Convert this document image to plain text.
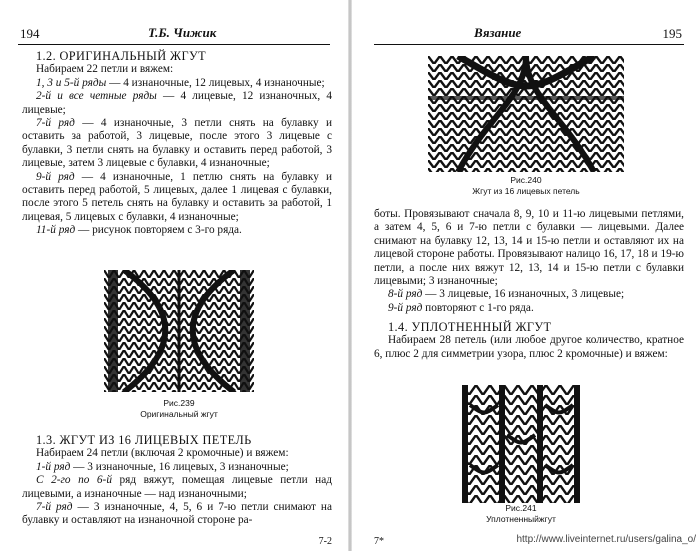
194	Т.Б. Чижик

1.2. ОРИГИНАЛЬНЫЙ ЖГУТ

Набираем 22 петли и вяжем:

1, 3 и 5-й ряды — 4 изнаночные, 12 лицевых, 4 изнаночные;

2-й и все четные ряды — 4 лицевые, 12 изнаночных, 4 лицевые;

7-й ряд — 4 изнаночные, 3 петли снять на булавку и оставить за работой, 3 лицевые, после этого 3 лицевые с булавки, 3 петли снять на булавку и оставить перед работой, 3 лицевые, затем 3 лицевые с булавки, 4 изнаночные;

9-й ряд — 4 изнаночные, 1 петлю снять на булавку и оставить перед работой, 5 лицевых, далее 1 лицевая с булавки, после этого 5 петель снять на булавку и оставить за работой, 1 лицевая, 5 лицевых с булавки, 4 изнаночные;

11-й ряд — рисунок повторяем с 3-го ряда.

Рис.239
Оригинальный жгут

1.3. ЖГУТ ИЗ 16 ЛИЦЕВЫХ ПЕТЕЛЬ

Набираем 24 петли (включая 2 кромочные) и вяжем:

1-й ряд — 3 изнаночные, 16 лицевых, 3 изнаночные;

С 2-го по 6-й ряд вяжут, помещая лицевые петли над лицевыми, а изнаночные — над изнаночными;

7-й ряд — 3 изнаночные, 4, 5, 6 и 7-ю петли снимают на булавку и оставляют на изнаночной стороне ра-

7-2
Вязание	195
Рис.240
Жгут из 16 лицевых петель

боты. Провязывают сначала 8, 9, 10 и 11-ю лицевыми петлями, а затем 4, 5, 6 и 7-ю петли с булавки — лицевыми. Далее снимают на булавку 12, 13, 14 и 15-ю петли и оставляют их на лицевой стороне работы. Провязывают налицо 16, 17, 18 и 19-ю петли, а после них вяжут 12, 13, 14 и 15-ю петли с булавки лицевыми; 3 изнаночные;

8-й ряд — 3 лицевые, 16 изнаночных, 3 лицевые;

9-й ряд повторяют с 1-го ряда.

1.4. УПЛОТНЕННЫЙ ЖГУТ

Набираем 28 петель (или любое другое количество, кратное 6, плюс 2 для симметрии узора, плюс 2 кромочные) и вяжем:

Рис.241
Уплотненныйжгут
7*	http://www.liveinternet.ru/users/galina_o/
